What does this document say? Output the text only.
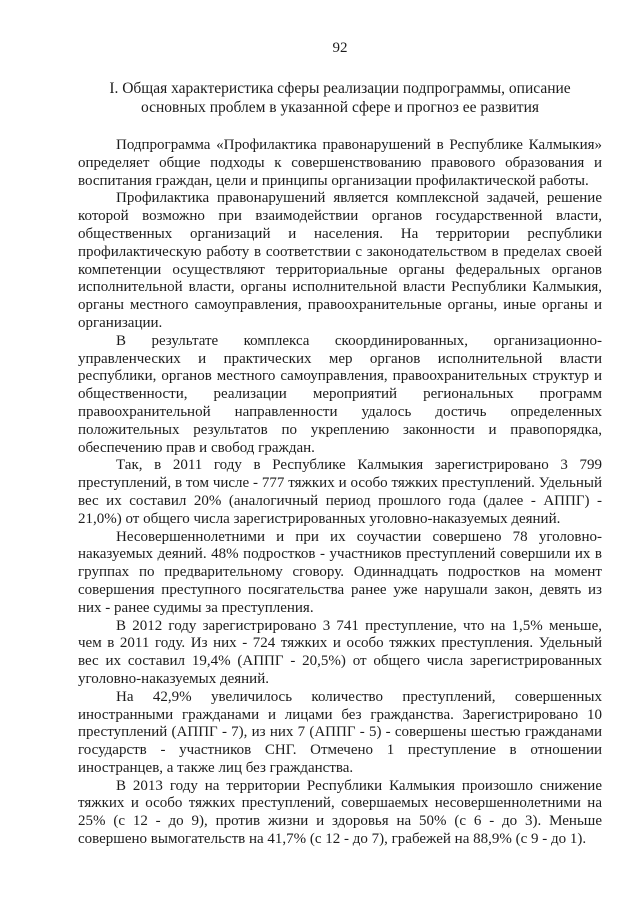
92
I. Общая характеристика сферы реализации подпрограммы, описание основных проблем в указанной сфере и прогноз ее развития

Подпрограмма «Профилактика правонарушений в Республике Калмыкия» определяет общие подходы к совершенствованию правового образования и воспитания граждан, цели и принципы организации профилактической работы.

Профилактика правонарушений является комплексной задачей, решение которой возможно при взаимодействии органов государственной власти, общественных организаций и населения. На территории республики профилактическую работу в соответствии с законодательством в пределах своей компетенции осуществляют территориальные органы федеральных органов исполнительной власти, органы исполнительной власти Республики Калмыкия, органы местного самоуправления, правоохранительные органы, иные органы и организации.

В результате комплекса скоординированных, организационно-управленческих и практических мер органов исполнительной власти республики, органов местного самоуправления, правоохранительных структур и общественности, реализации мероприятий региональных программ правоохранительной направленности удалось достичь определенных положительных результатов по укреплению законности и правопорядка, обеспечению прав и свобод граждан.

Так, в 2011 году в Республике Калмыкия зарегистрировано 3 799 преступлений, в том числе - 777 тяжких и особо тяжких преступлений. Удельный вес их составил 20% (аналогичный период прошлого года (далее - АППГ) - 21,0%) от общего числа зарегистрированных уголовно-наказуемых деяний.

Несовершеннолетними и при их соучастии совершено 78 уголовно-наказуемых деяний. 48% подростков - участников преступлений совершили их в группах по предварительному сговору. Одиннадцать подростков на момент совершения преступного посягательства ранее уже нарушали закон, девять из них - ранее судимы за преступления.

В 2012 году зарегистрировано 3 741 преступление, что на 1,5% меньше, чем в 2011 году. Из них - 724 тяжких и особо тяжких преступления. Удельный вес их составил 19,4% (АППГ - 20,5%) от общего числа зарегистрированных уголовно-наказуемых деяний.

На 42,9% увеличилось количество преступлений, совершенных иностранными гражданами и лицами без гражданства. Зарегистрировано 10 преступлений (АППГ - 7), из них 7 (АППГ - 5) - совершены шестью гражданами государств - участников СНГ. Отмечено 1 преступление в отношении иностранцев, а также лиц без гражданства.

В 2013 году на территории Республики Калмыкия произошло снижение тяжких и особо тяжких преступлений, совершаемых несовершеннолетними на 25% (с 12 - до 9), против жизни и здоровья на 50% (с 6 - до 3). Меньше совершено вымогательств на 41,7% (с 12 - до 7), грабежей на 88,9% (с 9 - до 1).
